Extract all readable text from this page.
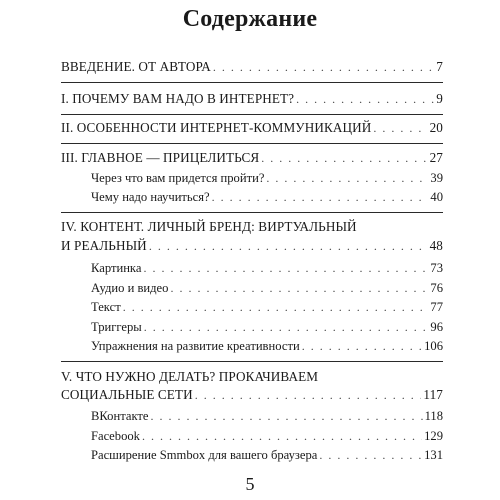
Содержание
ВВЕДЕНИЕ. ОТ АВТОРА . . .	7
I. ПОЧЕМУ ВАМ НАДО В ИНТЕРНЕТ? . . .	9
II. ОСОБЕННОСТИ ИНТЕРНЕТ-КОММУНИКАЦИЙ . . .	20
III. ГЛАВНОЕ — ПРИЦЕЛИТЬСЯ . . .	27
Через что вам придется пройти? . . .	39
Чему надо научиться? . . .	40
IV. КОНТЕНТ. ЛИЧНЫЙ БРЕНД: ВИРТУАЛЬНЫЙ
И РЕАЛЬНЫЙ . . .	48
Картинка . . .	73
Аудио и видео . . .	76
Текст . . .	77
Триггеры . . .	96
Упражнения на развитие креативности . . .	106
V. ЧТО НУЖНО ДЕЛАТЬ? ПРОКАЧИВАЕМ
СОЦИАЛЬНЫЕ СЕТИ . . .	117
ВКонтакте . . .	118
Facebook . . .	129
Расширение Smmbox для вашего браузера . . .	131
5
